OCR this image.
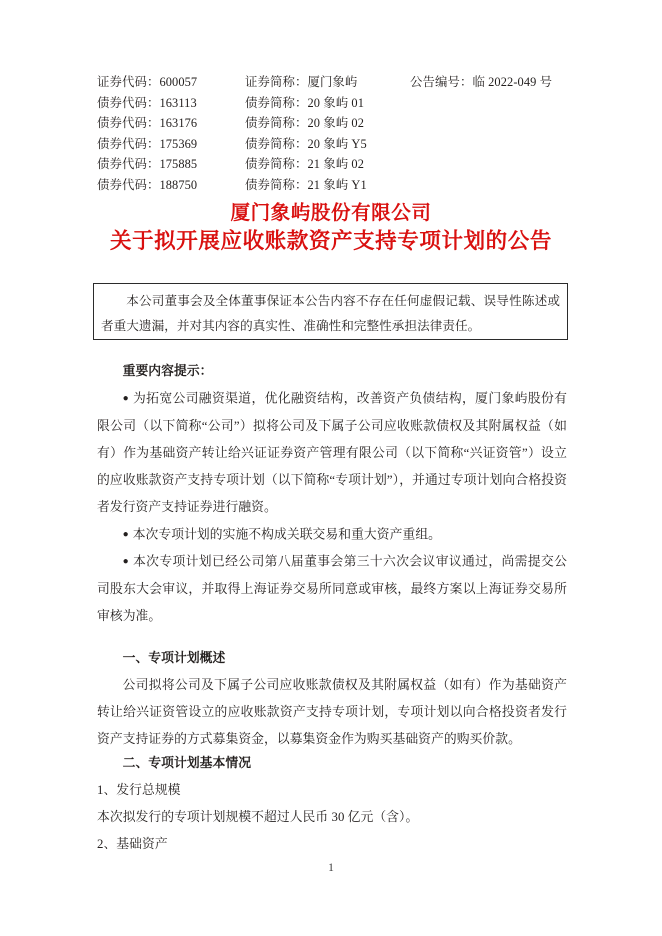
证券代码：600057	证券简称：厦门象屿	公告编号：临 2022-049 号
债券代码：163113	债券简称：20 象屿 01
债券代码：163176	债券简称：20 象屿 02
债券代码：175369	债券简称：20 象屿 Y5
债券代码：175885	债券简称：21 象屿 02
债券代码：188750	债券简称：21 象屿 Y1
厦门象屿股份有限公司
关于拟开展应收账款资产支持专项计划的公告

本公司董事会及全体董事保证本公告内容不存在任何虚假记载、误导性陈述或者重大遗漏，并对其内容的真实性、准确性和完整性承担法律责任。

重要内容提示：

● 为拓宽公司融资渠道，优化融资结构，改善资产负债结构，厦门象屿股份有限公司（以下简称“公司”）拟将公司及下属子公司应收账款债权及其附属权益（如有）作为基础资产转让给兴证证券资产管理有限公司（以下简称“兴证资管”）设立的应收账款资产支持专项计划（以下简称“专项计划”），并通过专项计划向合格投资者发行资产支持证券进行融资。

● 本次专项计划的实施不构成关联交易和重大资产重组。

● 本次专项计划已经公司第八届董事会第三十六次会议审议通过，尚需提交公司股东大会审议，并取得上海证券交易所同意或审核，最终方案以上海证券交易所审核为准。

一、专项计划概述

公司拟将公司及下属子公司应收账款债权及其附属权益（如有）作为基础资产转让给兴证资管设立的应收账款资产支持专项计划，专项计划以向合格投资者发行资产支持证券的方式募集资金，以募集资金作为购买基础资产的购买价款。

二、专项计划基本情况

1、发行总规模

本次拟发行的专项计划规模不超过人民币 30 亿元（含）。

2、基础资产

1
